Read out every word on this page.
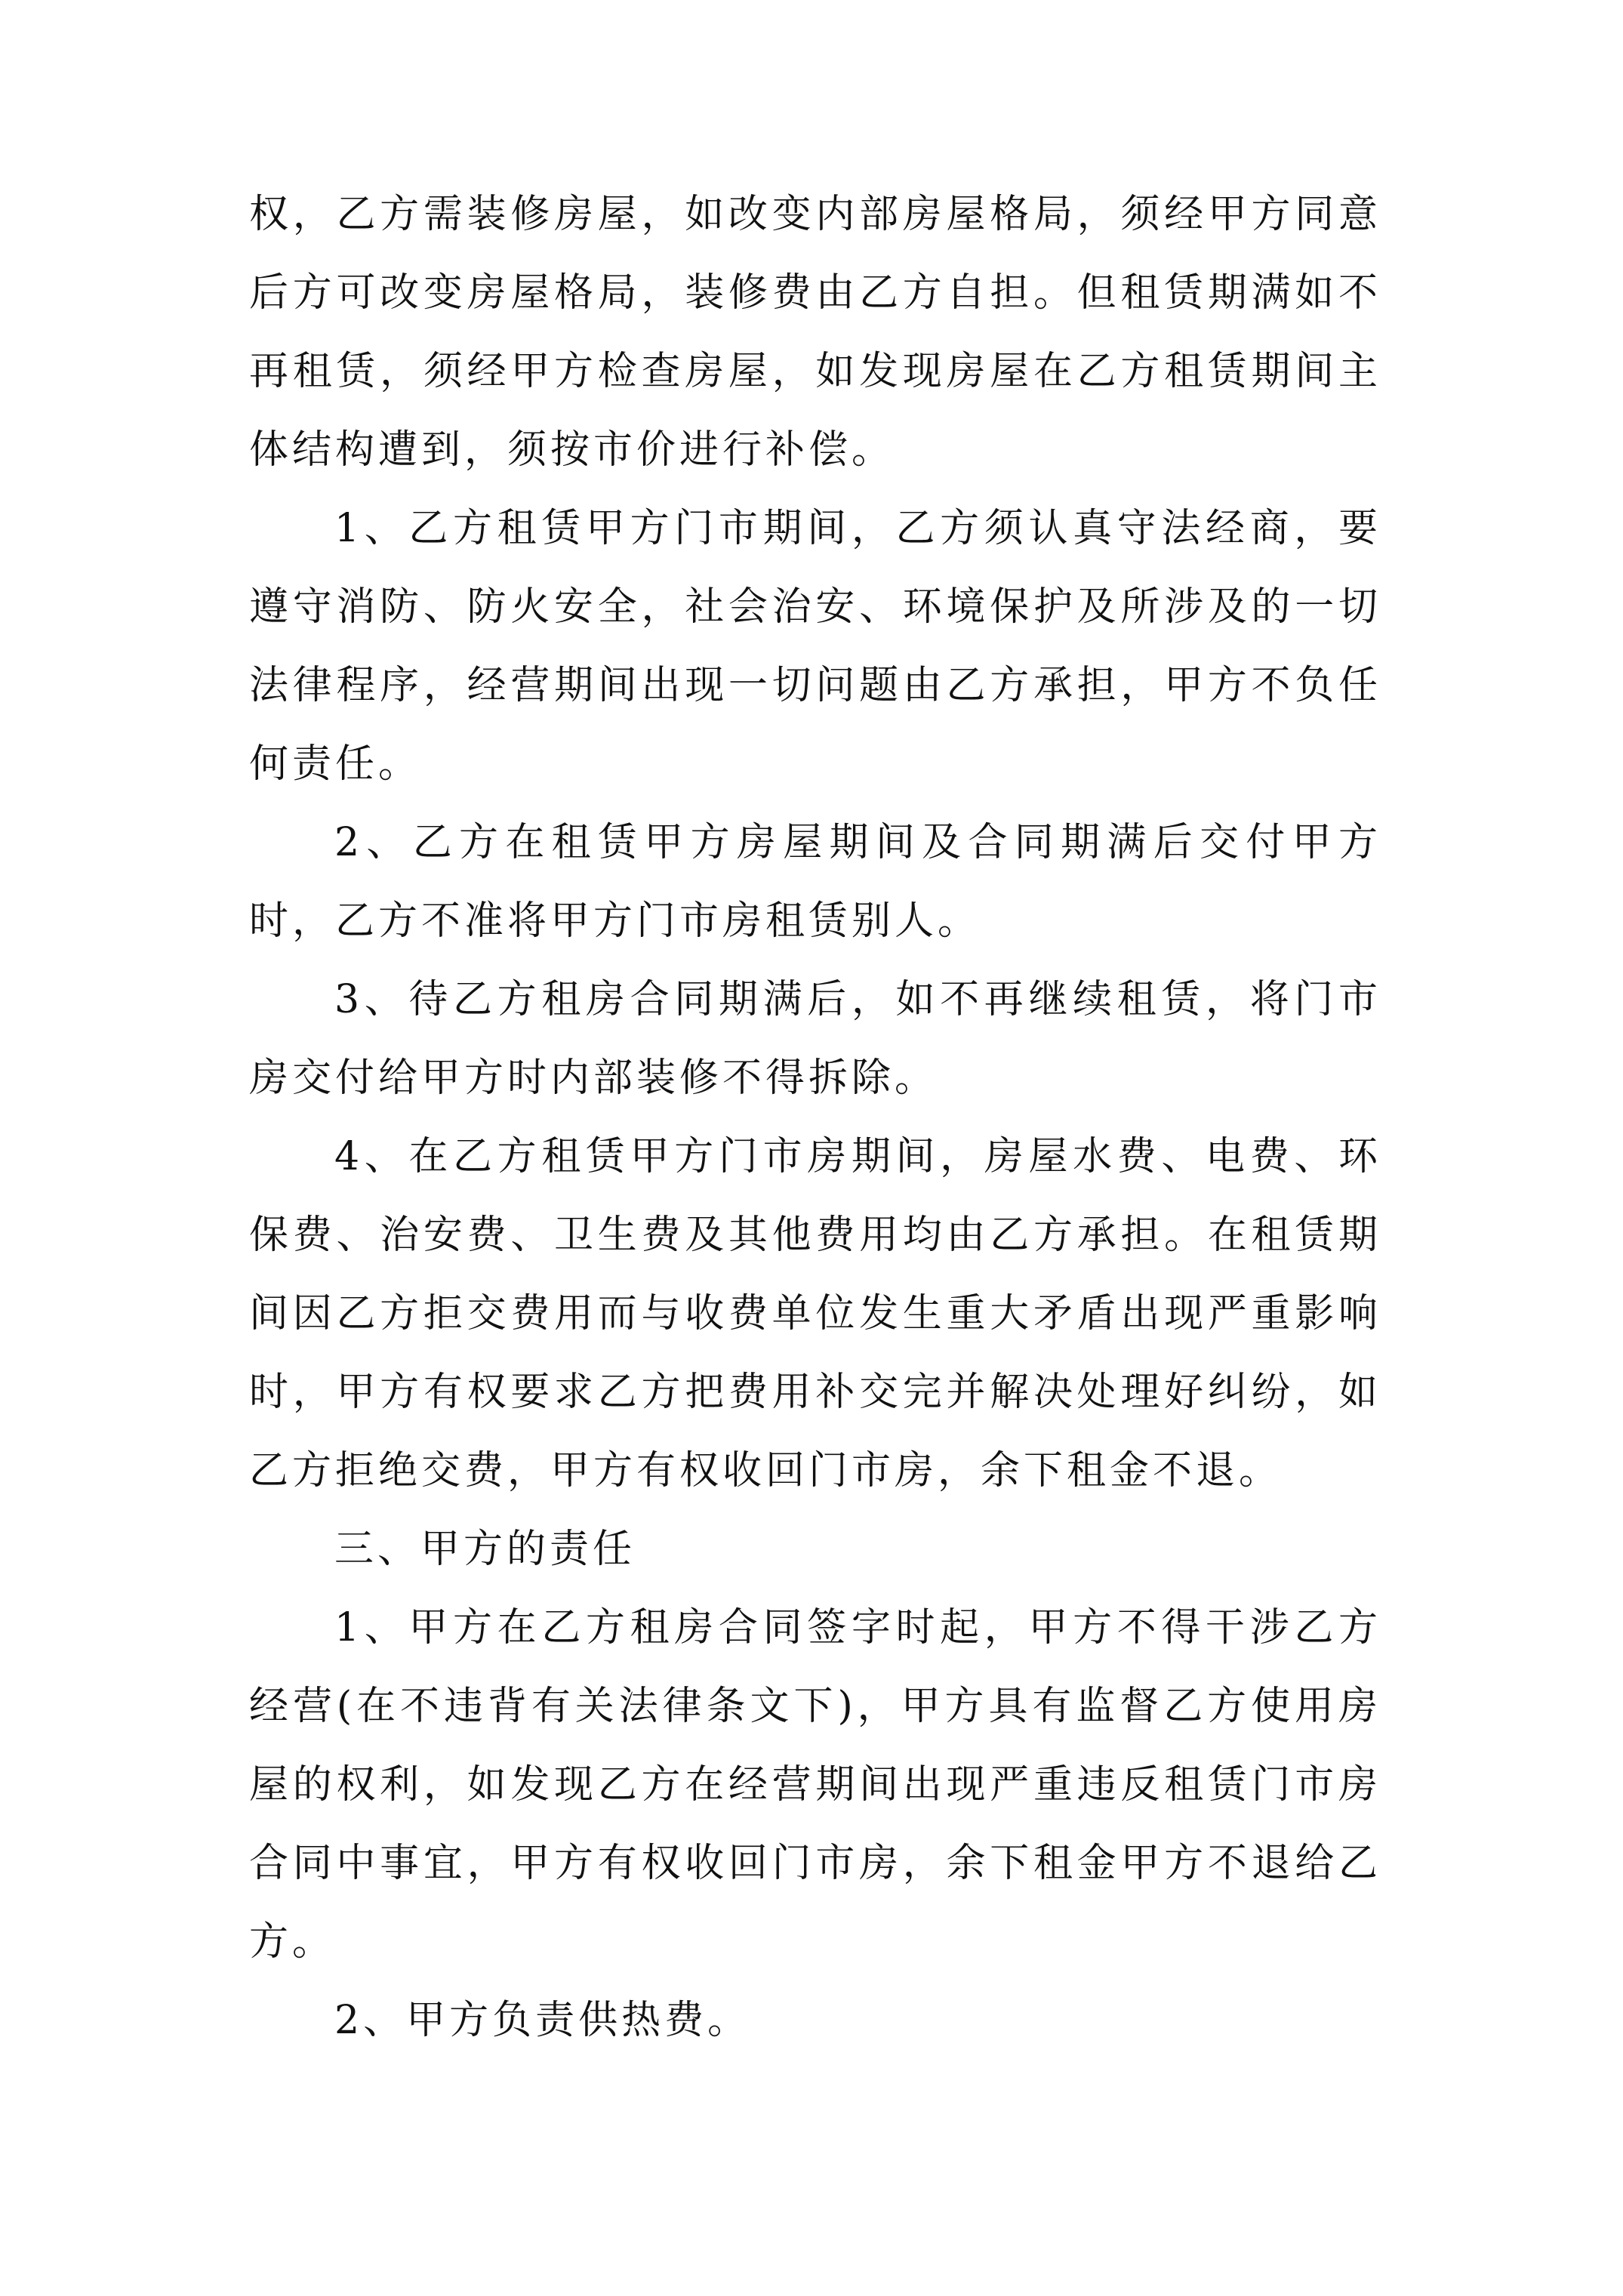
权，乙方需装修房屋，如改变内部房屋格局，须经甲方同意后方可改变房屋格局，装修费由乙方自担。但租赁期满如不再租赁，须经甲方检查房屋，如发现房屋在乙方租赁期间主体结构遭到，须按市价进行补偿。

1、乙方租赁甲方门市期间，乙方须认真守法经商，要遵守消防、防火安全，社会治安、环境保护及所涉及的一切法律程序，经营期间出现一切问题由乙方承担，甲方不负任何责任。

2、乙方在租赁甲方房屋期间及合同期满后交付甲方时，乙方不准将甲方门市房租赁别人。

3、待乙方租房合同期满后，如不再继续租赁，将门市房交付给甲方时内部装修不得拆除。

4、在乙方租赁甲方门市房期间，房屋水费、电费、环保费、治安费、卫生费及其他费用均由乙方承担。在租赁期间因乙方拒交费用而与收费单位发生重大矛盾出现严重影响时，甲方有权要求乙方把费用补交完并解决处理好纠纷，如乙方拒绝交费，甲方有权收回门市房，余下租金不退。

三、甲方的责任

1、甲方在乙方租房合同签字时起，甲方不得干涉乙方经营(在不违背有关法律条文下)，甲方具有监督乙方使用房屋的权利，如发现乙方在经营期间出现严重违反租赁门市房合同中事宜，甲方有权收回门市房，余下租金甲方不退给乙方。

2、甲方负责供热费。
